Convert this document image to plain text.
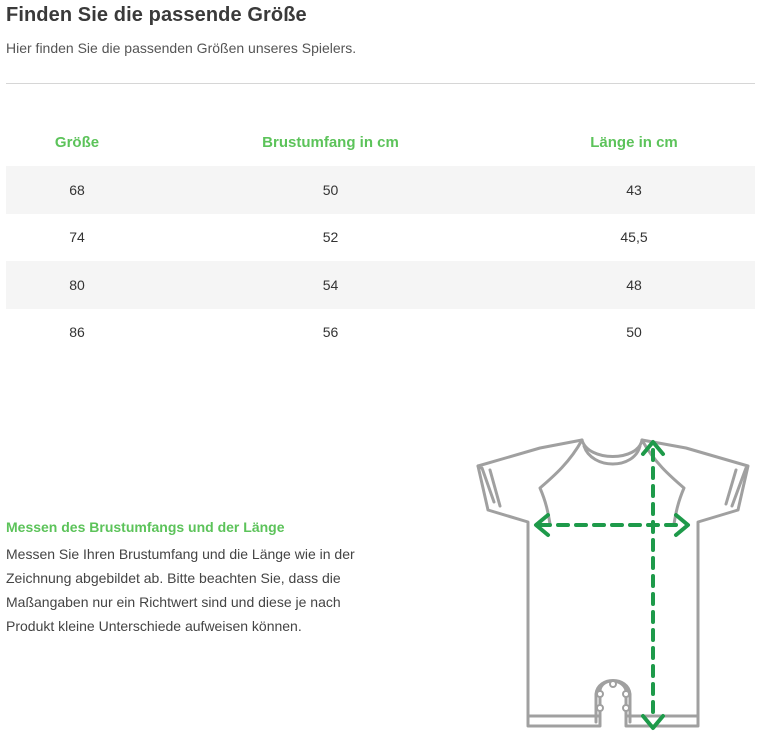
Finden Sie die passende Größe

Hier finden Sie die passenden Größen unseres Spielers.

Größe	Brustumfang in cm	Länge in cm
68	50	43
74	52	45,5
80	54	48
86	56	50
Messen des Brustumfangs und der Länge

Messen Sie Ihren Brustumfang und die Länge wie in der Zeichnung abgebildet ab. Bitte beachten Sie, dass die Maßangaben nur ein Richtwert sind und diese je nach Produkt kleine Unterschiede aufweisen können.
